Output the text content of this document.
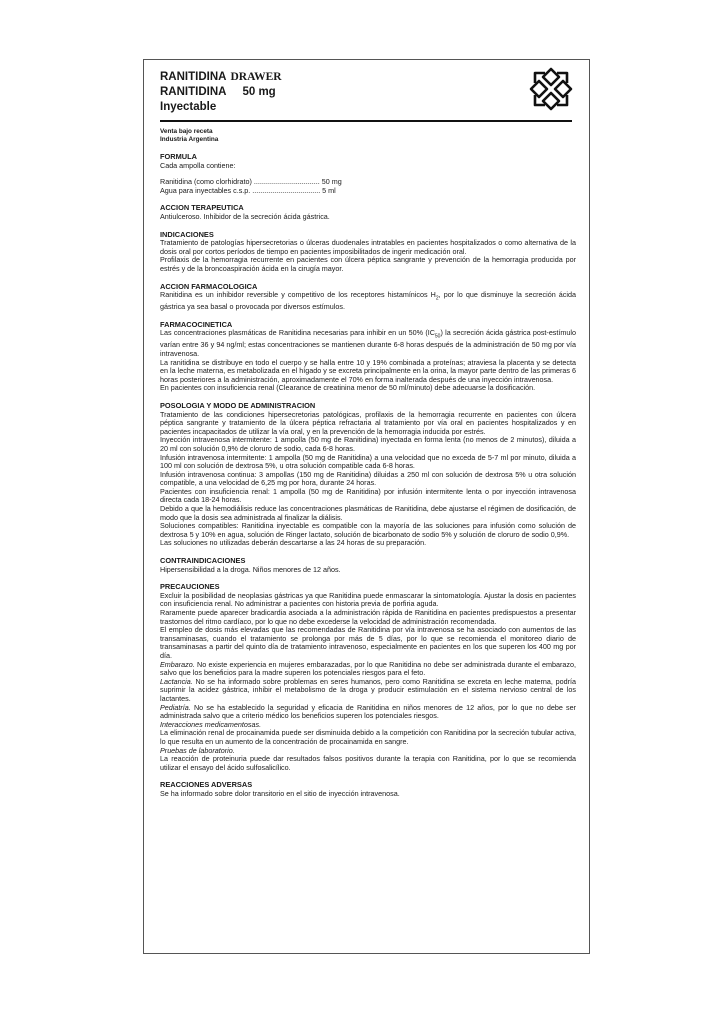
RANITIDINA DRAWER
RANITIDINA 50 mg
Inyectable
Venta bajo receta
Industria Argentina
FORMULA

Cada ampolla contiene:

Ranitidina (como clorhidrato) ................................. 50 mg
Agua para inyectables c.s.p. .................................. 5 ml
ACCION TERAPEUTICA

Antiulceroso. Inhibidor de la secreción ácida gástrica.

INDICACIONES

Tratamiento de patologías hipersecretorias o úlceras duodenales intratables en pacientes hospitalizados o como alternativa de la dosis oral por cortos períodos de tiempo en pacientes imposibilitados de ingerir medicación oral.

Profilaxis de la hemorragia recurrente en pacientes con úlcera péptica sangrante y prevención de la hemorragia producida por estrés y de la broncoaspiración ácida en la cirugía mayor.

ACCION FARMACOLOGICA

Ranitidina es un inhibidor reversible y competitivo de los receptores histamínicos $H_2$, por lo que disminuye la secreción ácida gástrica ya sea basal o provocada por diversos estímulos.

FARMACOCINETICA

Las concentraciones plasmáticas de Ranitidina necesarias para inhibir en un 50% $(IC_{50})$ la secreción ácida gástrica post-estímulo varían entre 36 y 94 ng/ml; estas concentraciones se mantienen durante 6-8 horas después de la administración de 50 mg por vía intravenosa.

La ranitidina se distribuye en todo el cuerpo y se halla entre 10 y 19% combinada a proteínas; atraviesa la placenta y se detecta en la leche materna, es metabolizada en el hígado y se excreta principalmente en la orina, la mayor parte dentro de las primeras 6 horas posteriores a la administración, aproximadamente el 70% en forma inalterada después de una inyección intravenosa.

En pacientes con insuficiencia renal (Clearance de creatinina menor de 50 ml/minuto) debe adecuarse la dosificación.

POSOLOGIA Y MODO DE ADMINISTRACION

Tratamiento de las condiciones hipersecretorias patológicas, profilaxis de la hemorragia recurrente en pacientes con úlcera péptica sangrante y tratamiento de la úlcera péptica refractaria al tratamiento por vía oral en pacientes hospitalizados y en pacientes incapacitados de utilizar la vía oral, y en la prevención de la hemorragia inducida por estrés.

Inyección intravenosa intermitente: 1 ampolla (50 mg de Ranitidina) inyectada en forma lenta (no menos de 2 minutos), diluida a 20 ml con solución 0,9% de cloruro de sodio, cada 6-8 horas.

Infusión intravenosa intermitente: 1 ampolla (50 mg de Ranitidina) a una velocidad que no exceda de 5-7 ml por minuto, diluida a 100 ml con solución de dextrosa 5%, u otra solución compatible cada 6-8 horas.

Infusión intravenosa continua: 3 ampollas (150 mg de Ranitidina) diluidas a 250 ml con solución de dextrosa 5% u otra solución compatible, a una velocidad de 6,25 mg por hora, durante 24 horas.

Pacientes con insuficiencia renal: 1 ampolla (50 mg de Ranitidina) por infusión intermitente lenta o por inyección intravenosa directa cada 18-24 horas.

Debido a que la hemodiálisis reduce las concentraciones plasmáticas de Ranitidina, debe ajustarse el régimen de dosificación, de modo que la dosis sea administrada al finalizar la diálisis.

Soluciones compatibles: Ranitidina inyectable es compatible con la mayoría de las soluciones para infusión como solución de dextrosa 5 y 10% en agua, solución de Ringer lactato, solución de bicarbonato de sodio 5% y solución de cloruro de sodio 0,9%.

Las soluciones no utilizadas deberán descartarse a las 24 horas de su preparación.

CONTRAINDICACIONES

Hipersensibilidad a la droga. Niños menores de 12 años.

PRECAUCIONES

Excluir la posibilidad de neoplasias gástricas ya que Ranitidina puede enmascarar la sintomatología. Ajustar la dosis en pacientes con insuficiencia renal. No administrar a pacientes con historia previa de porfiria aguda.

Raramente puede aparecer bradicardia asociada a la administración rápida de Ranitidina en pacientes predispuestos a presentar trastornos del ritmo cardíaco, por lo que no debe excederse la velocidad de administración recomendada.

El empleo de dosis más elevadas que las recomendadas de Ranitidina por vía intravenosa se ha asociado con aumentos de las transaminasas, cuando el tratamiento se prolonga por más de 5 días, por lo que se recomienda el monitoreo diario de transaminasas a partir del quinto día de tratamiento intravenoso, especialmente en pacientes en los que superen los 400 mg por día.

Embarazo. No existe experiencia en mujeres embarazadas, por lo que Ranitidina no debe ser administrada durante el embarazo, salvo que los beneficios para la madre superen los potenciales riesgos para el feto.

Lactancia. No se ha informado sobre problemas en seres humanos, pero como Ranitidina se excreta en leche materna, podría suprimir la acidez gástrica, inhibir el metabolismo de la droga y producir estimulación en el sistema nervioso central de los lactantes.

Pediatría. No se ha establecido la seguridad y eficacia de Ranitidina en niños menores de 12 años, por lo que no debe ser administrada salvo que a criterio médico los beneficios superen los potenciales riesgos.

Interacciones medicamentosas.

La eliminación renal de procainamida puede ser disminuida debido a la competición con Ranitidina por la secreción tubular activa, lo que resulta en un aumento de la concentración de procainamida en sangre.

Pruebas de laboratorio.

La reacción de proteinuria puede dar resultados falsos positivos durante la terapia con Ranitidina, por lo que se recomienda utilizar el ensayo del ácido sulfosalicílico.

REACCIONES ADVERSAS

Se ha informado sobre dolor transitorio en el sitio de inyección intravenosa.
